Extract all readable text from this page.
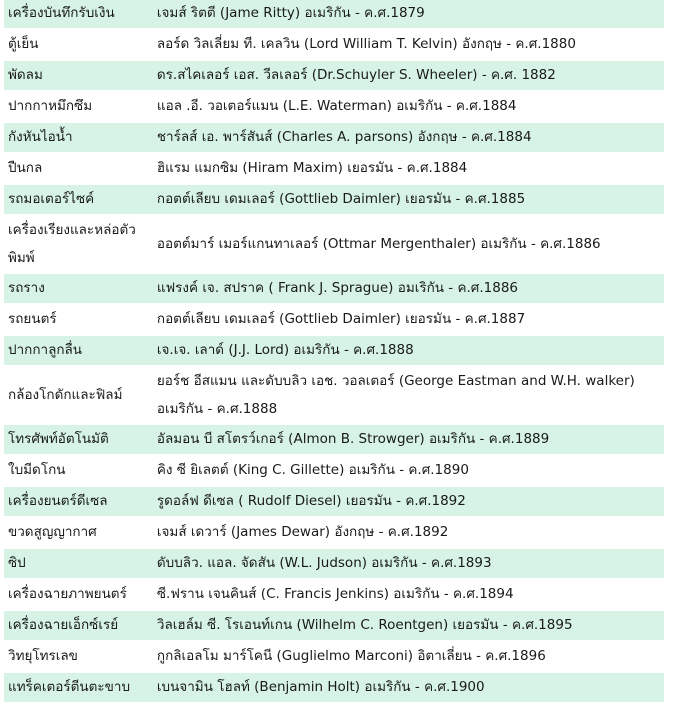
เครื่องบันทึกรับเงิน	เจมส์ ริตตี (Jame Ritty) อเมริกัน - ค.ศ.1879
ตู้เย็น	ลอร์ด วิลเลี่ยม ที. เคลวิน (Lord William T. Kelvin) อังกฤษ - ค.ศ.1880
พัดลม	ดร.สไคเลอร์ เอส. วีลเลอร์ (Dr.Schuyler S. Wheeler) - ค.ศ. 1882
ปากกาหมึกซึม	แอล .อี. วอเตอร์แมน (L.E. Waterman) อเมริกัน - ค.ศ.1884
กังหันไอน้ำ	ชาร์ลส์ เอ. พาร์สันส์ (Charles A. parsons) อังกฤษ - ค.ศ.1884
ปืนกล	ฮิแรม แมกซิม (Hiram Maxim) เยอรมัน - ค.ศ.1884
รถมอเตอร์ไซค์	กอตต์เลียบ เดมเลอร์ (Gottlieb Daimler) เยอรมัน - ค.ศ.1885
เครื่องเรียงและหล่อตัวพิมพ์	ออตต์มาร์ เมอร์แกนทาเลอร์ (Ottmar Mergenthaler) อเมริกัน - ค.ศ.1886
รถราง	แฟรงค์ เจ. สปราค ( Frank J. Sprague) อมเริกัน - ค.ศ.1886
รถยนตร์	กอตต์เลียบ เดมเลอร์ (Gottlieb Daimler) เยอรมัน - ค.ศ.1887
ปากกาลูกลื่น	เจ.เจ. เลาด์ (J.J. Lord) อเมริกัน - ค.ศ.1888
กล้องโกดักและฟิลม์	ยอร์ช อีสแมน และดับบลิว เอช. วอลเตอร์ (George Eastman and W.H. walker) อเมริกัน - ค.ศ.1888
โทรศัพท์อัตโนมัติ	อัลมอน บี สโตรว์เกอร์ (Almon B. Strowger) อเมริกัน - ค.ศ.1889
ใบมีดโกน	คิง ซี ยิเลตต์ (King C. Gillette) อเมริกัน - ค.ศ.1890
เครื่องยนตร์ดีเซล	รูดอล์ฟ ดีเซล ( Rudolf Diesel) เยอรมัน - ค.ศ.1892
ขวดสูญญากาศ	เจมส์ เดวาร์ (James Dewar) อังกฤษ - ค.ศ.1892
ซิป	ดับบลิว. แอล. จัดสัน (W.L. Judson) อเมริกัน - ค.ศ.1893
เครื่องฉายภาพยนตร์	ซี.ฟราน เจนคินส์ (C. Francis Jenkins) อเมริกัน - ค.ศ.1894
เครื่องฉายเอ็กซ์เรย์	วิลเฮล์ม ซี. โรเอนท์เกน (Wilhelm C. Roentgen) เยอรมัน - ค.ศ.1895
วิทยุโทรเลข	กูกลิเอลโม มาร์โคนี (Guglielmo Marconi) อิตาเลี่ยน - ค.ศ.1896
แทร็คเตอร์ตีนตะขาบ	เบนจามิน โฮลท์ (Benjamin Holt) อเมริกัน - ค.ศ.1900
